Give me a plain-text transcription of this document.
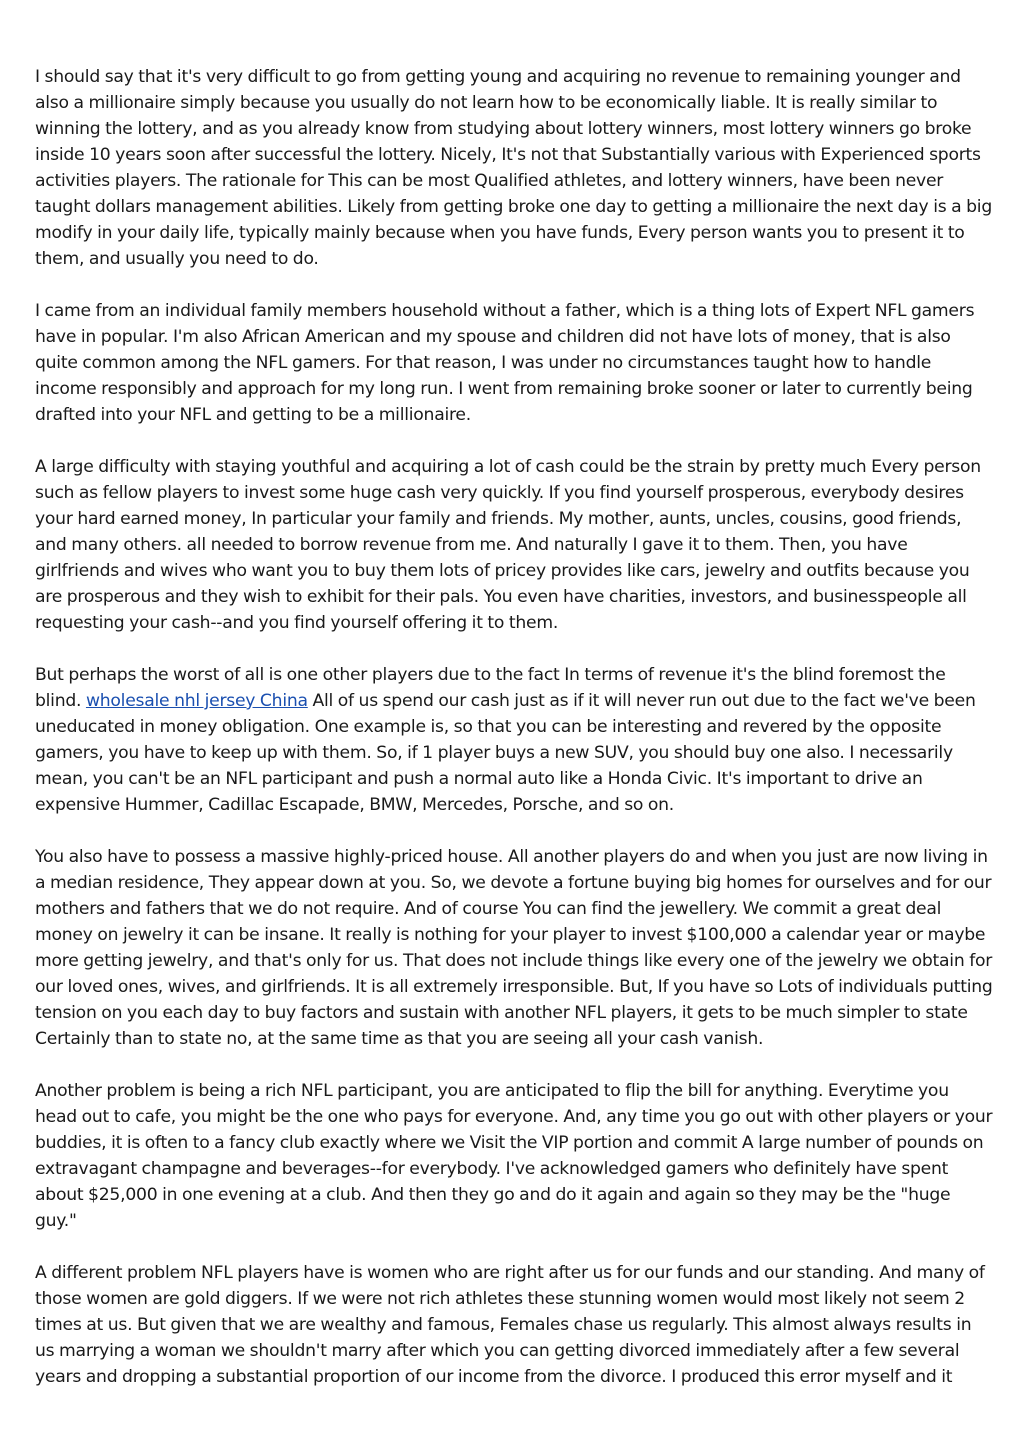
I should say that it's very difficult to go from getting young and acquiring no revenue to remaining younger and also a millionaire simply because you usually do not learn how to be economically liable. It is really similar to winning the lottery, and as you already know from studying about lottery winners, most lottery winners go broke inside 10 years soon after successful the lottery. Nicely, It's not that Substantially various with Experienced sports activities players. The rationale for This can be most Qualified athletes, and lottery winners, have been never taught dollars management abilities. Likely from getting broke one day to getting a millionaire the next day is a big modify in your daily life, typically mainly because when you have funds, Every person wants you to present it to them, and usually you need to do.

I came from an individual family members household without a father, which is a thing lots of Expert NFL gamers have in popular. I'm also African American and my spouse and children did not have lots of money, that is also quite common among the NFL gamers. For that reason, I was under no circumstances taught how to handle income responsibly and approach for my long run. I went from remaining broke sooner or later to currently being drafted into your NFL and getting to be a millionaire.

A large difficulty with staying youthful and acquiring a lot of cash could be the strain by pretty much Every person such as fellow players to invest some huge cash very quickly. If you find yourself prosperous, everybody desires your hard earned money, In particular your family and friends. My mother, aunts, uncles, cousins, good friends, and many others. all needed to borrow revenue from me. And naturally I gave it to them. Then, you have girlfriends and wives who want you to buy them lots of pricey provides like cars, jewelry and outfits because you are prosperous and they wish to exhibit for their pals. You even have charities, investors, and businesspeople all requesting your cash--and you find yourself offering it to them.

But perhaps the worst of all is one other players due to the fact In terms of revenue it's the blind foremost the blind. wholesale nhl jersey China All of us spend our cash just as if it will never run out due to the fact we've been uneducated in money obligation. One example is, so that you can be interesting and revered by the opposite gamers, you have to keep up with them. So, if 1 player buys a new SUV, you should buy one also. I necessarily mean, you can't be an NFL participant and push a normal auto like a Honda Civic. It's important to drive an expensive Hummer, Cadillac Escapade, BMW, Mercedes, Porsche, and so on.

You also have to possess a massive highly-priced house. All another players do and when you just are now living in a median residence, They appear down at you. So, we devote a fortune buying big homes for ourselves and for our mothers and fathers that we do not require. And of course You can find the jewellery. We commit a great deal money on jewelry it can be insane. It really is nothing for your player to invest $100,000 a calendar year or maybe more getting jewelry, and that's only for us. That does not include things like every one of the jewelry we obtain for our loved ones, wives, and girlfriends. It is all extremely irresponsible. But, If you have so Lots of individuals putting tension on you each day to buy factors and sustain with another NFL players, it gets to be much simpler to state Certainly than to state no, at the same time as that you are seeing all your cash vanish.

Another problem is being a rich NFL participant, you are anticipated to flip the bill for anything. Everytime you head out to cafe, you might be the one who pays for everyone. And, any time you go out with other players or your buddies, it is often to a fancy club exactly where we Visit the VIP portion and commit A large number of pounds on extravagant champagne and beverages--for everybody. I've acknowledged gamers who definitely have spent about $25,000 in one evening at a club. And then they go and do it again and again so they may be the "huge guy."

A different problem NFL players have is women who are right after us for our funds and our standing. And many of those women are gold diggers. If we were not rich athletes these stunning women would most likely not seem 2 times at us. But given that we are wealthy and famous, Females chase us regularly. This almost always results in us marrying a woman we shouldn't marry after which you can getting divorced immediately after a few several years and dropping a substantial proportion of our income from the divorce. I produced this error myself and it
